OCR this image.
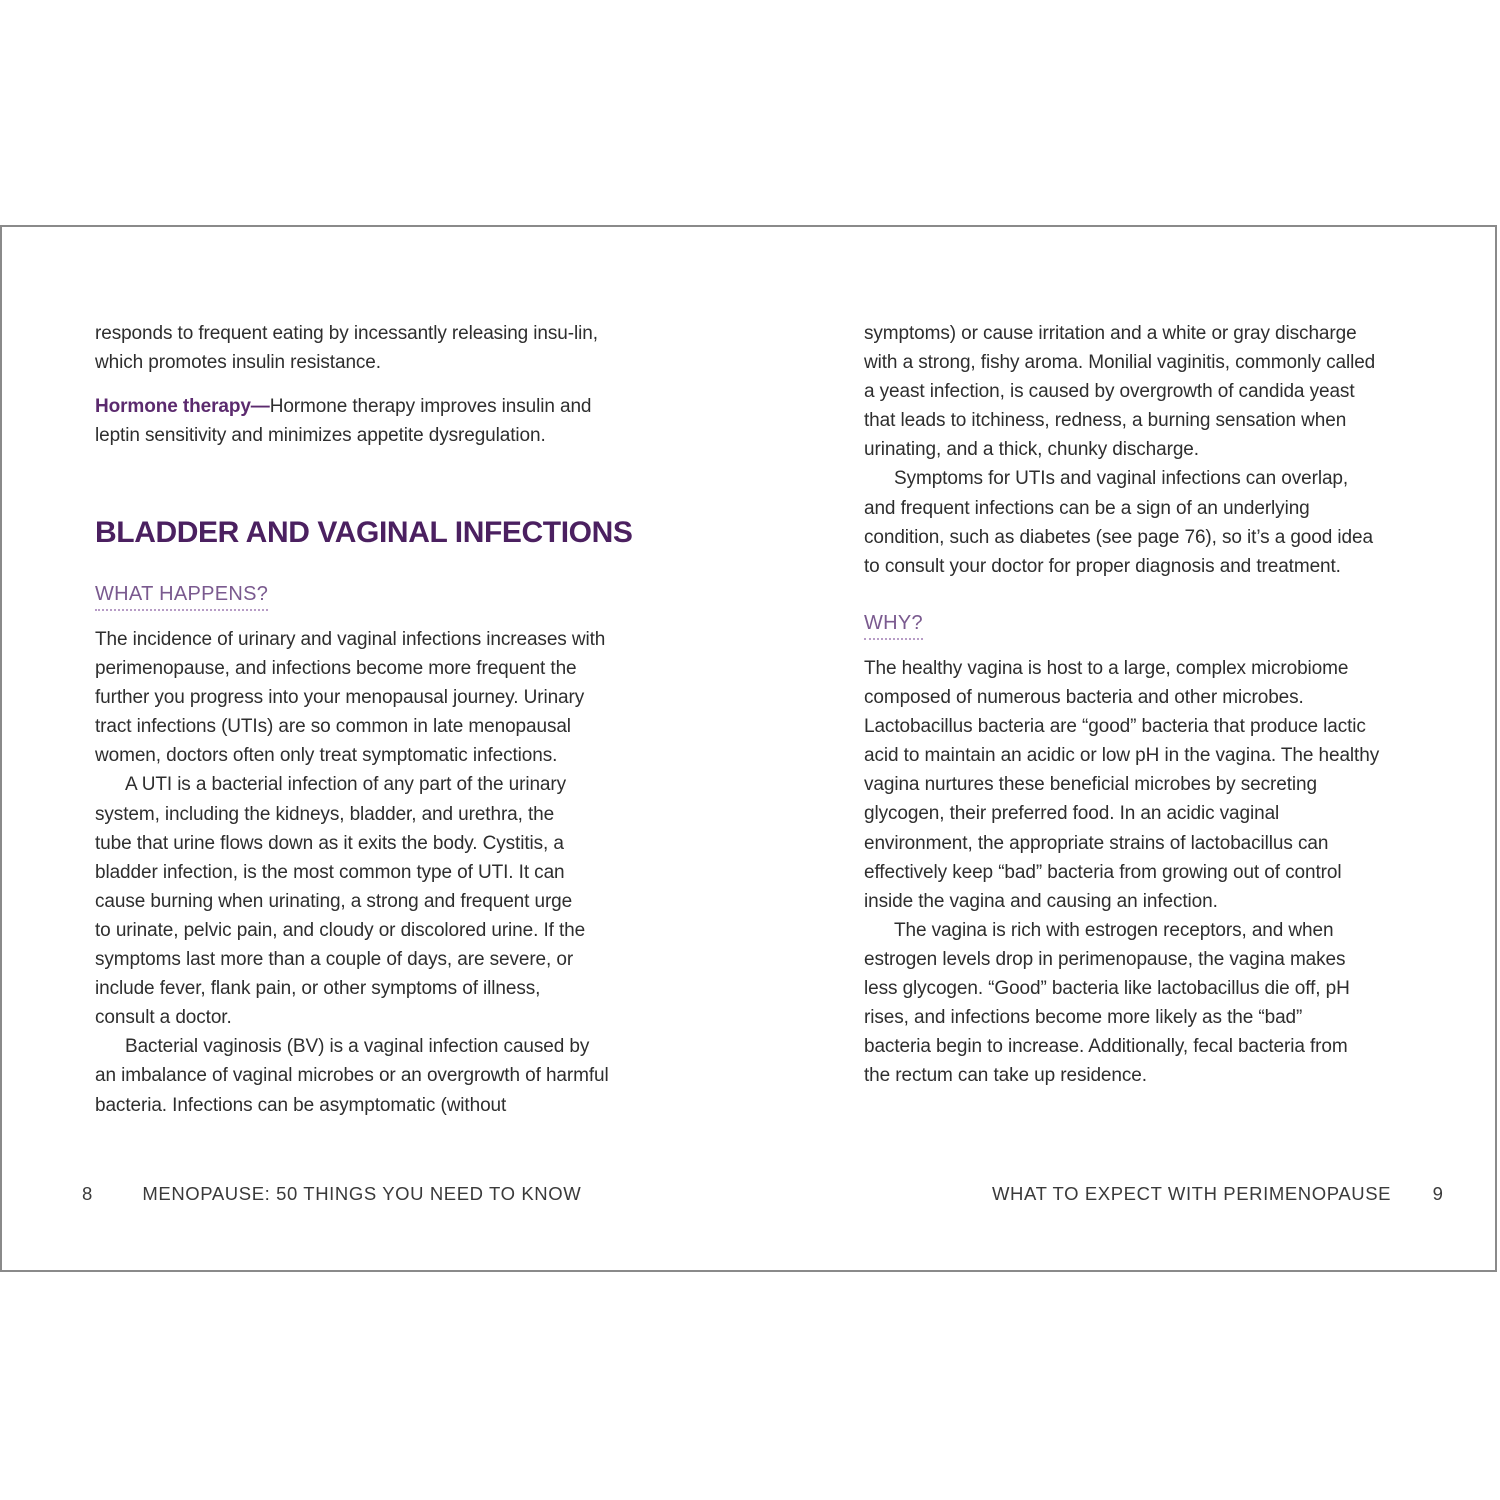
responds to frequent eating by incessantly releasing insu-lin, which promotes insulin resistance.

Hormone therapy—Hormone therapy improves insulin and leptin sensitivity and minimizes appetite dysregulation.

BLADDER AND VAGINAL INFECTIONS
WHAT HAPPENS?

The incidence of urinary and vaginal infections increases with perimenopause, and infections become more frequent the further you progress into your menopausal journey. Urinary tract infections (UTIs) are so common in late menopausal women, doctors often only treat symptomatic infections.

A UTI is a bacterial infection of any part of the urinary system, including the kidneys, bladder, and urethra, the tube that urine flows down as it exits the body. Cystitis, a bladder infection, is the most common type of UTI. It can cause burning when urinating, a strong and frequent urge to urinate, pelvic pain, and cloudy or discolored urine. If the symptoms last more than a couple of days, are severe, or include fever, flank pain, or other symptoms of illness, consult a doctor.

Bacterial vaginosis (BV) is a vaginal infection caused by an imbalance of vaginal microbes or an overgrowth of harmful bacteria. Infections can be asymptomatic (without

8	MENOPAUSE: 50 THINGS YOU NEED TO KNOW

symptoms) or cause irritation and a white or gray discharge with a strong, fishy aroma. Monilial vaginitis, commonly called a yeast infection, is caused by overgrowth of candida yeast that leads to itchiness, redness, a burning sensation when urinating, and a thick, chunky discharge.

Symptoms for UTIs and vaginal infections can overlap, and frequent infections can be a sign of an underlying condition, such as diabetes (see page 76), so it’s a good idea to consult your doctor for proper diagnosis and treatment.

WHY?

The healthy vagina is host to a large, complex microbiome composed of numerous bacteria and other microbes. Lactobacillus bacteria are “good” bacteria that produce lactic acid to maintain an acidic or low pH in the vagina. The healthy vagina nurtures these beneficial microbes by secreting glycogen, their preferred food. In an acidic vaginal environment, the appropriate strains of lactobacillus can effectively keep “bad” bacteria from growing out of control inside the vagina and causing an infection.

The vagina is rich with estrogen receptors, and when estrogen levels drop in perimenopause, the vagina makes less glycogen. “Good” bacteria like lactobacillus die off, pH rises, and infections become more likely as the “bad” bacteria begin to increase. Additionally, fecal bacteria from the rectum can take up residence.

WHAT TO EXPECT WITH PERIMENOPAUSE 9
